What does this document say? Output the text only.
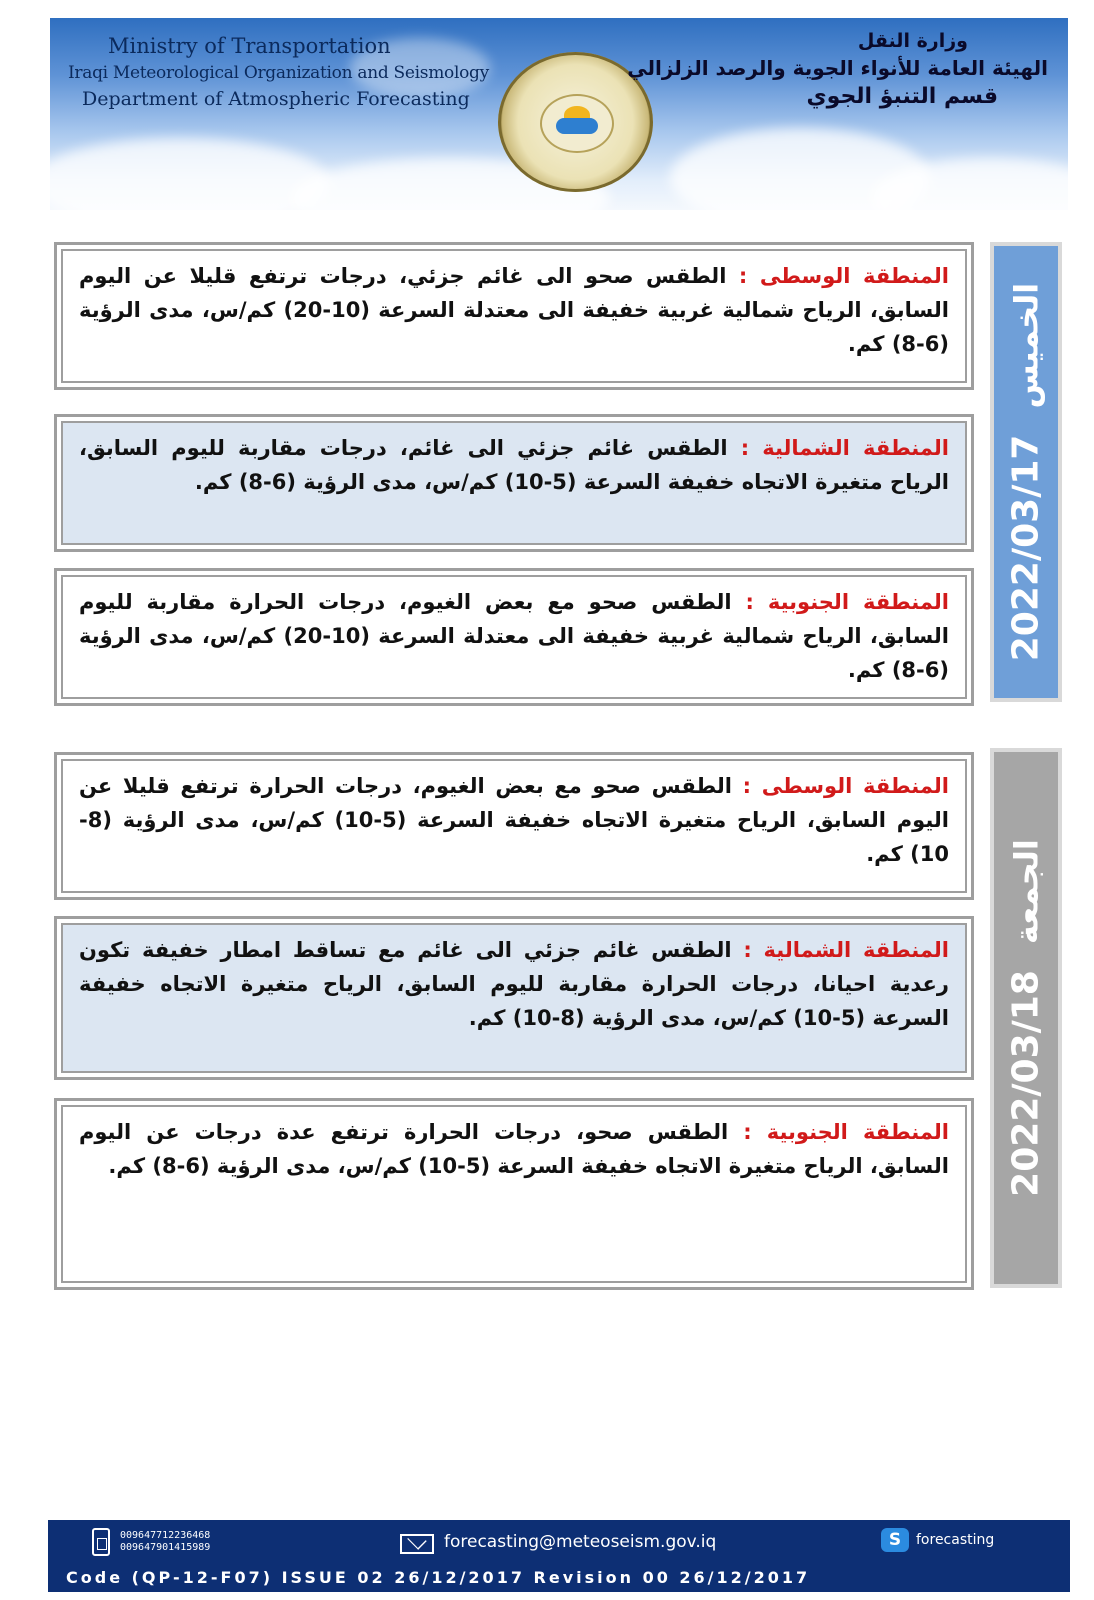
Ministry of Transportation
Iraqi Meteorological Organization and Seismology
Department of Atmospheric Forecasting
وزارة النقل
الهيئة العامة للأنواء الجوية والرصد الزلزالي
قسم التنبؤ الجوي
2022/03/17
الخميس

المنطقة الوسطى : الطقس صحو الى غائم جزئي، درجات ترتفع قليلا عن اليوم السابق، الرياح شمالية غربية خفيفة الى معتدلة السرعة (10-20) كم/س، مدى الرؤية (6-8) كم.

المنطقة الشمالية : الطقس غائم جزئي الى غائم، درجات مقاربة لليوم السابق، الرياح متغيرة الاتجاه خفيفة السرعة (5-10) كم/س، مدى الرؤية (6-8) كم.

المنطقة الجنوبية : الطقس صحو مع بعض الغيوم، درجات الحرارة مقاربة لليوم السابق، الرياح شمالية غربية خفيفة الى معتدلة السرعة (10-20) كم/س، مدى الرؤية (6-8) كم.

2022/03/18
الجمعة

المنطقة الوسطى : الطقس صحو مع بعض الغيوم، درجات الحرارة ترتفع قليلا عن اليوم السابق، الرياح متغيرة الاتجاه خفيفة السرعة (5-10) كم/س، مدى الرؤية (8-10) كم.

المنطقة الشمالية : الطقس غائم جزئي الى غائم مع تساقط امطار خفيفة تكون رعدية احيانا، درجات الحرارة مقاربة لليوم السابق، الرياح متغيرة الاتجاه خفيفة السرعة (5-10) كم/س، مدى الرؤية (8-10) كم.

المنطقة الجنوبية : الطقس صحو، درجات الحرارة ترتفع عدة درجات عن اليوم السابق، الرياح متغيرة الاتجاه خفيفة السرعة (5-10) كم/س، مدى الرؤية (6-8) كم.

009647712236468
009647901415989	forecasting@meteoseism.gov.iq	S	forecasting
Code (QP-12-F07) ISSUE 02 26/12/2017 Revision 00 26/12/2017
